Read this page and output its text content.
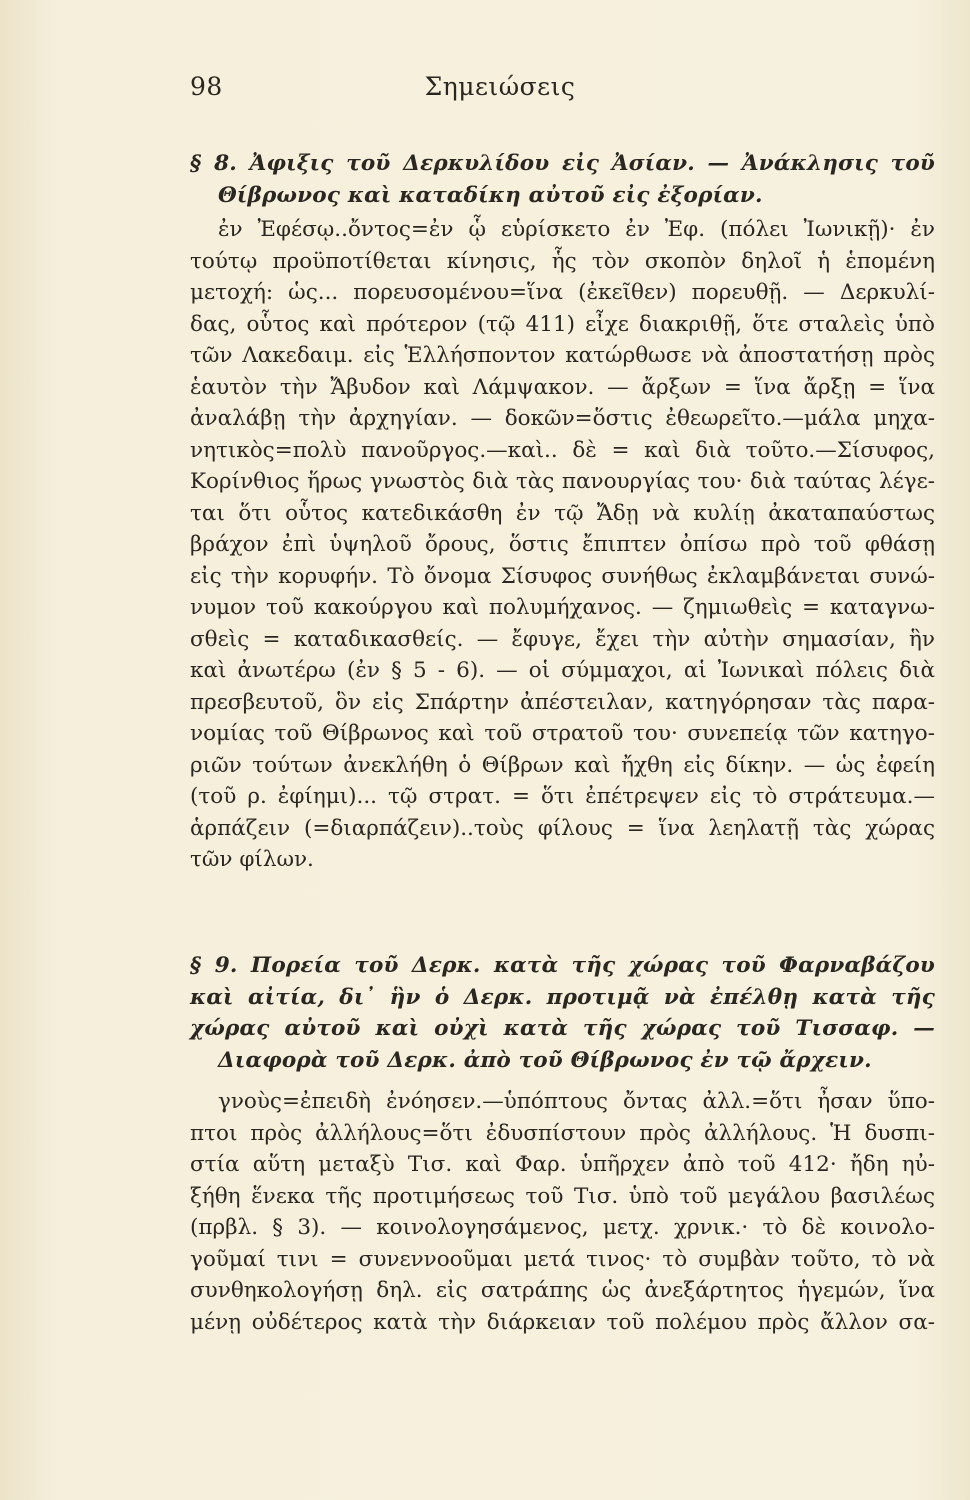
98	Σημειώσεις
§ 8. Ἀφιξις τοῦ Δερκυλίδου εἰς Ἀσίαν. — Ἀνάκλησις τοῦ
Θίβρωνος καὶ καταδίκη αὐτοῦ εἰς ἐξορίαν.
ἐν Ἐφέσῳ..ὄντος=ἐν ᾧ εὑρίσκετο ἐν Ἐφ. (πόλει Ἰωνικῇ)· ἐν
τούτῳ προϋποτίθεται κίνησις, ἧς τὸν σκοπὸν δηλοῖ ἡ ἑπομένη
μετοχή: ὡς... πορευσομένου=ἵνα (ἐκεῖθεν) πορευθῇ. — Δερκυλί-
δας, οὗτος καὶ πρότερον (τῷ 411) εἶχε διακριθῇ, ὅτε σταλεὶς ὑπὸ
τῶν Λακεδαιμ. εἰς Ἑλλήσποντον κατώρθωσε νὰ ἀποστατήσῃ πρὸς
ἑαυτὸν τὴν Ἄβυδον καὶ Λάμψακον. — ἄρξων = ἵνα ἄρξῃ = ἵνα
ἀναλάβῃ τὴν ἀρχηγίαν. — δοκῶν=ὅστις ἐθεωρεῖτο.—μάλα μηχα-
νητικὸς=πολὺ πανοῦργος.—καὶ.. δὲ = καὶ διὰ τοῦτο.—Σίσυφος,
Κορίνθιος ἥρως γνωστὸς διὰ τὰς πανουργίας του· διὰ ταύτας λέγε-
ται ὅτι οὗτος κατεδικάσθη ἐν τῷ Ἄδῃ νὰ κυλίῃ ἀκαταπαύστως
βράχον ἐπὶ ὑψηλοῦ ὄρους, ὅστις ἔπιπτεν ὀπίσω πρὸ τοῦ φθάσῃ
εἰς τὴν κορυφήν. Τὸ ὄνομα Σίσυφος συνήθως ἐκλαμβάνεται συνώ-
νυμον τοῦ κακούργου καὶ πολυμήχανος. — ζημιωθεὶς = καταγνω-
σθεὶς = καταδικασθείς. — ἔφυγε, ἔχει τὴν αὐτὴν σημασίαν, ἣν
καὶ ἀνωτέρω (ἐν § 5 - 6). — οἱ σύμμαχοι, αἱ Ἰωνικαὶ πόλεις διὰ
πρεσβευτοῦ, ὃν εἰς Σπάρτην ἀπέστειλαν, κατηγόρησαν τὰς παρα-
νομίας τοῦ Θίβρωνος καὶ τοῦ στρατοῦ του· συνεπείᾳ τῶν κατηγο-
ριῶν τούτων ἀνεκλήθη ὁ Θίβρων καὶ ἤχθη εἰς δίκην. — ὡς ἐφείη
(τοῦ ρ. ἐφίημι)... τῷ στρατ. = ὅτι ἐπέτρεψεν εἰς τὸ στράτευμα.—
ἁρπάζειν (=διαρπάζειν)..τοὺς φίλους = ἵνα λεηλατῇ τὰς χώρας
τῶν φίλων.
§ 9. Πορεία τοῦ Δερκ. κατὰ τῆς χώρας τοῦ Φαρναβάζου
καὶ αἰτία, δι᾿ ἣν ὁ Δερκ. προτιμᾷ νὰ ἐπέλθῃ κατὰ τῆς
χώρας αὐτοῦ καὶ οὐχὶ κατὰ τῆς χώρας τοῦ Τισσαφ. —
Διαφορὰ τοῦ Δερκ. ἀπὸ τοῦ Θίβρωνος ἐν τῷ ἄρχειν.
γνοὺς=ἐπειδὴ ἐνόησεν.—ὑπόπτους ὄντας ἀλλ.=ὅτι ἦσαν ὕπο-
πτοι πρὸς ἀλλήλους=ὅτι ἐδυσπίστουν πρὸς ἀλλήλους. Ἡ δυσπι-
στία αὕτη μεταξὺ Τισ. καὶ Φαρ. ὑπῆρχεν ἀπὸ τοῦ 412· ἤδη ηὐ-
ξήθη ἕνεκα τῆς προτιμήσεως τοῦ Τισ. ὑπὸ τοῦ μεγάλου βασιλέως
(πρβλ. § 3). — κοινολογησάμενος, μετχ. χρνικ.· τὸ δὲ κοινολο-
γοῦμαί τινι = συνεννοοῦμαι μετά τινος· τὸ συμβὰν τοῦτο, τὸ νὰ
συνθηκολογήσῃ δηλ. εἰς σατράπης ὡς ἀνεξάρτητος ἡγεμών, ἵνα
μένῃ οὐδέτερος κατὰ τὴν διάρκειαν τοῦ πολέμου πρὸς ἄλλον σα-
